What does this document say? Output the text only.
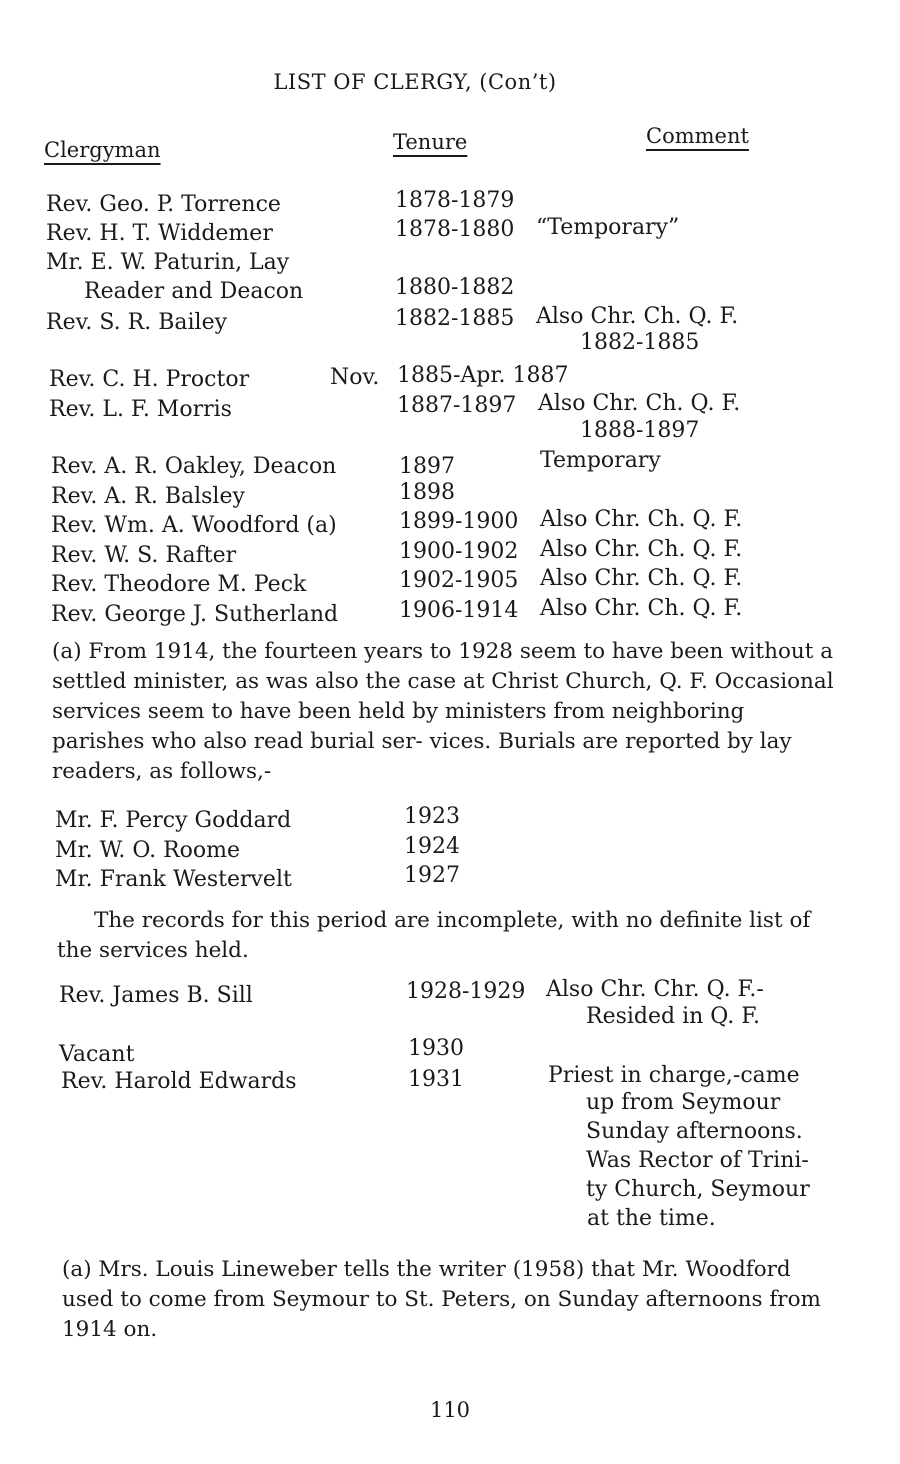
LIST OF CLERGY, (Con’t)
Clergyman	Tenure	Comment
Rev. Geo. P. Torrence	1878-1879
Rev. H. T. Widdemer	1878-1880 “Temporary”
Mr. E. W. Paturin, Lay
Reader and Deacon	1880-1882
Rev. S. R. Bailey	1882-1885 Also Chr. Ch. Q. F.
1882-1885
Rev. C. H. Proctor	Nov. 1885-Apr. 1887
Rev. L. F. Morris	1887-1897 Also Chr. Ch. Q. F.
1888-1897
Rev. A. R. Oakley, Deacon	1897	Temporary
Rev. A. R. Balsley	1898
Rev. Wm. A. Woodford (a)	1899-1900 Also Chr. Ch. Q. F.
Rev. W. S. Rafter	1900-1902 Also Chr. Ch. Q. F.
Rev. Theodore M. Peck	1902-1905 Also Chr. Ch. Q. F.
Rev. George J. Sutherland	1906-1914 Also Chr. Ch. Q. F.
(a) From 1914, the fourteen years to 1928 seem to have been without a settled minister, as was also the case at Christ Church, Q. F. Occasional services seem to have been held by ministers from neighboring parishes who also read burial ser- vices. Burials are reported by lay readers, as follows,-
Mr. F. Percy Goddard	1923
Mr. W. O. Roome	1924
Mr. Frank Westervelt	1927
The records for this period are incomplete, with no definite list of the services held.
Rev. James B. Sill	1928-1929 Also Chr. Chr. Q. F.-
Resided in Q. F.
Vacant	1930
Rev. Harold Edwards	1931	Priest in charge,-came
up from Seymour
Sunday afternoons.
Was Rector of Trini-
ty Church, Seymour
at the time.
(a) Mrs. Louis Lineweber tells the writer (1958) that Mr. Woodford used to come from Seymour to St. Peters, on Sunday afternoons from 1914 on.
110
